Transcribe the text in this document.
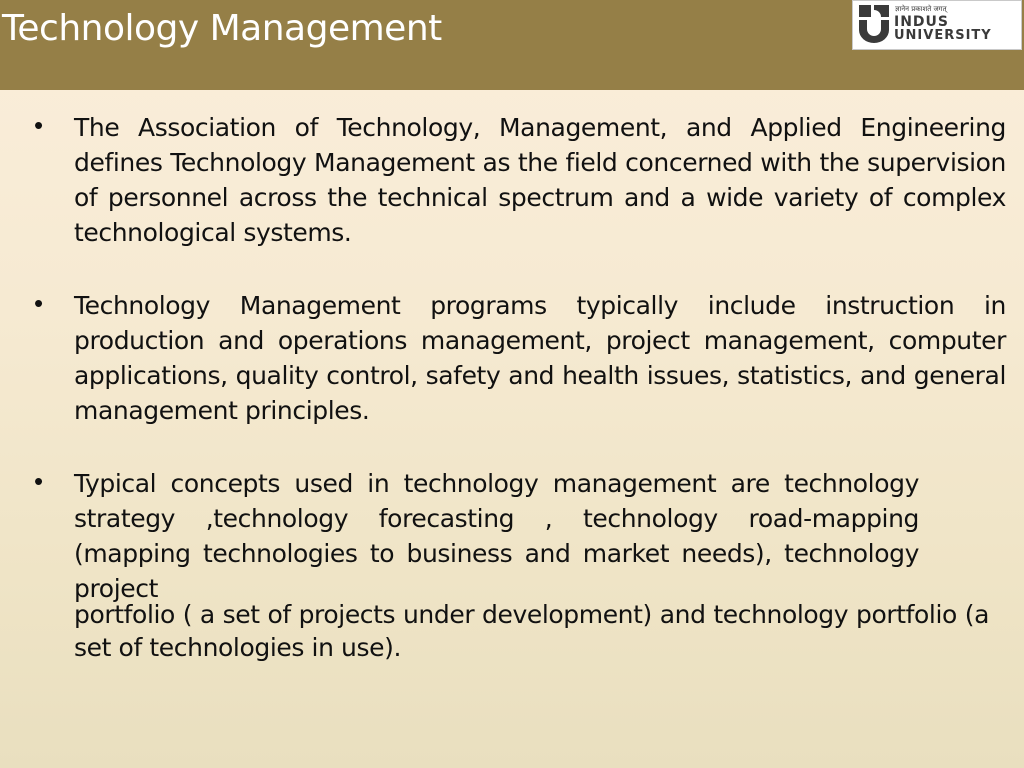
Technology Management	ज्ञानेन प्रकाशते जगत्
INDUS
UNIVERSITY
• The Association of Technology, Management, and Applied Engineering defines Technology Management as the field concerned with the supervision of personnel across the technical spectrum and a wide variety of complex technological systems.
• Technology Management programs typically include instruction in production and operations management, project management, computer applications, quality control, safety and health issues, statistics, and general management principles.
• Typical concepts used in technology management are technology strategy ,technology forecasting , technology road-mapping (mapping technologies to business and market needs), technology project
portfolio ( a set of projects under development) and technology portfolio (a set of technologies in use).
